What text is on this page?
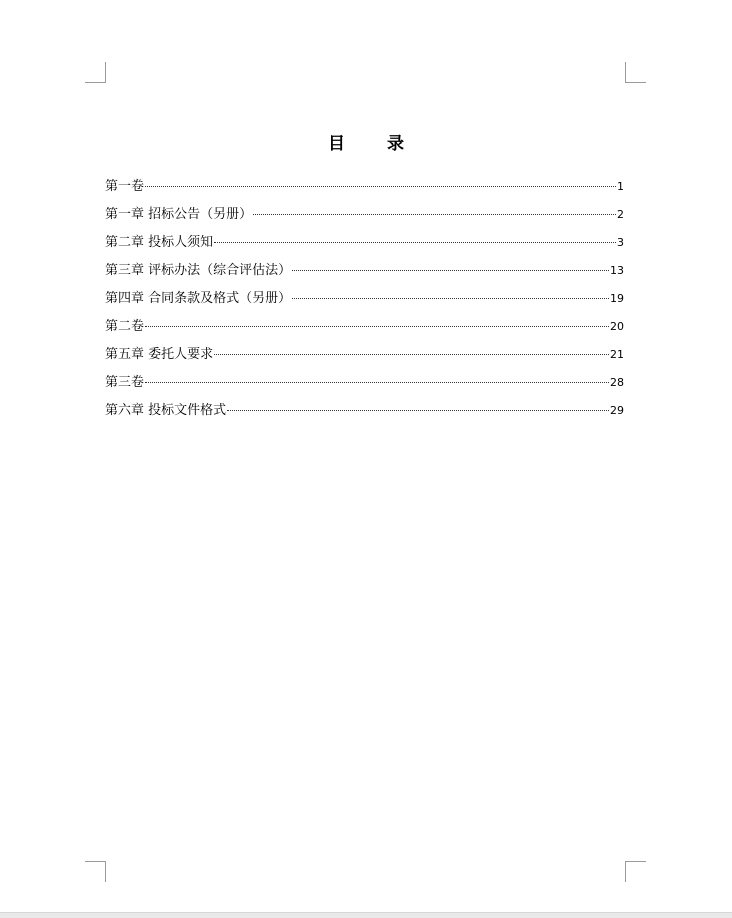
目 录
第一卷	1
第一章 招标公告（另册）	2
第二章 投标人须知	3
第三章 评标办法（综合评估法）	13
第四章 合同条款及格式（另册）	19
第二卷	20
第五章 委托人要求	21
第三卷	28
第六章 投标文件格式	29
